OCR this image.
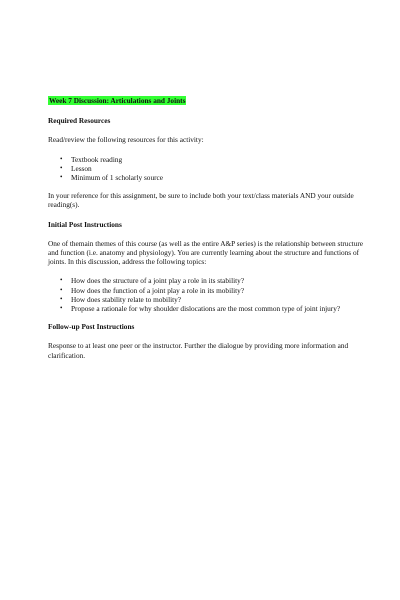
Week 7 Discussion: Articulations and Joints
Required Resources

Read/review the following resources for this activity:

• Textbook reading
• Lesson
• Minimum of 1 scholarly source

In your reference for this assignment, be sure to include both your text/class materials AND your outside reading(s).

Initial Post Instructions

One of themain themes of this course (as well as the entire A&P series) is the relationship between structure and function (i.e. anatomy and physiology). You are currently learning about the structure and functions of joints. In this discussion, address the following topics:

• How does the structure of a joint play a role in its stability?
• How does the function of a joint play a role in its mobility?
• How does stability relate to mobility?
• Propose a rationale for why shoulder dislocations are the most common type of joint injury?
Follow-up Post Instructions

Response to at least one peer or the instructor. Further the dialogue by providing more information and clarification.
